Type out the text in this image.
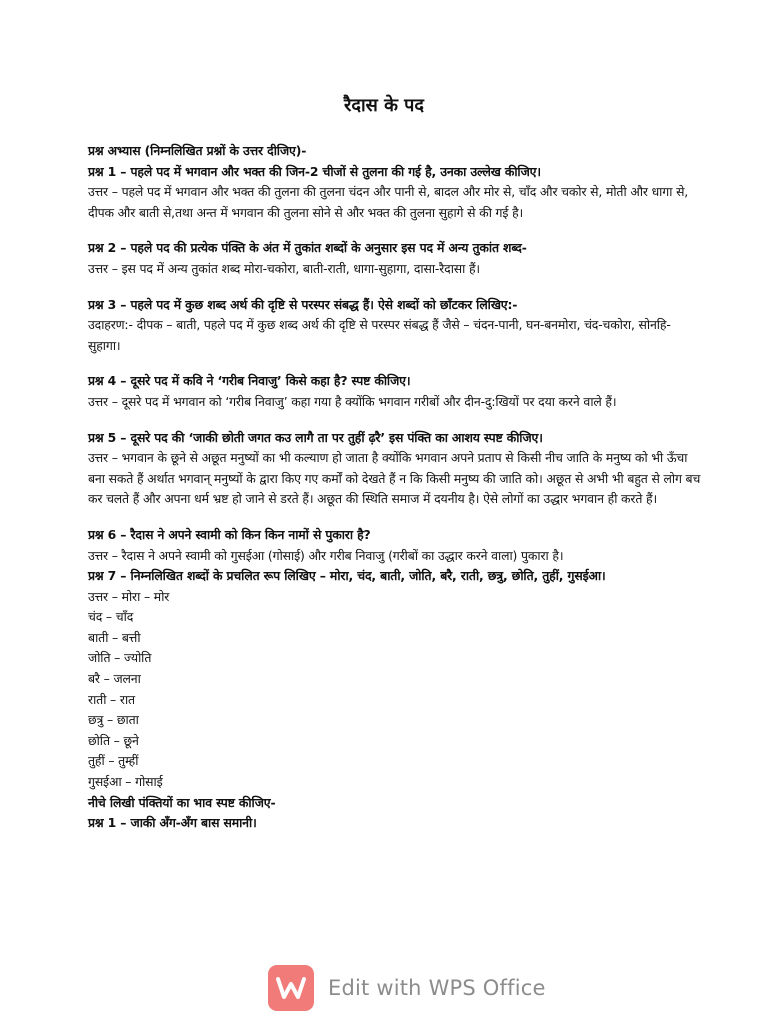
रैदास के पद

प्रश्न अभ्यास (निम्नलिखित प्रश्नों के उत्तर दीजिए)-

प्रश्न 1 – पहले पद में भगवान और भक्त की जिन-2 चीजों से तुलना की गई है, उनका उल्लेख कीजिए।

उत्तर – पहले पद में भगवान और भक्त की तुलना की तुलना चंदन और पानी से, बादल और मोर से, चाँद और चकोर से, मोती और धागा से, दीपक और बाती से,तथा अन्त में भगवान की तुलना सोने से और भक्त की तुलना सुहागे से की गई है।

प्रश्न 2 – पहले पद की प्रत्येक पंक्ति के अंत में तुकांत शब्दों के अनुसार इस पद में अन्य तुकांत शब्द-

उत्तर – इस पद में अन्य तुकांत शब्द मोरा-चकोरा, बाती-राती, धागा-सुहागा, दासा-रैदासा हैं।

प्रश्न 3 – पहले पद में कुछ शब्द अर्थ की दृष्टि से परस्पर संबद्ध हैं। ऐसे शब्दों को छाँटकर लिखिए:-

उदाहरण:- दीपक – बाती, पहले पद में कुछ शब्द अर्थ की दृष्टि से परस्पर संबद्ध हैं जैसे – चंदन-पानी, घन-बनमोरा, चंद-चकोरा, सोनहि-सुहागा।

प्रश्न 4 – दूसरे पद में कवि ने ‘गरीब निवाजु’ किसे कहा है? स्पष्ट कीजिए।

उत्तर – दूसरे पद में भगवान को ‘गरीब निवाजु’ कहा गया है क्योंकि भगवान गरीबों और दीन-दु:खियों पर दया करने वाले हैं।

प्रश्न 5 – दूसरे पद की ‘जाकी छोती जगत कउ लागै ता पर तुहीं ढ़रै’ इस पंक्ति का आशय स्पष्ट कीजिए।

उत्तर – भगवान के छूने से अछूत मनुष्यों का भी कल्याण हो जाता है क्योंकि भगवान अपने प्रताप से किसी नीच जाति के मनुष्य को भी ऊँचा बना सकते हैं अर्थात भगवान् मनुष्यों के द्वारा किए गए कर्मों को देखते हैं न कि किसी मनुष्य की जाति को। अछूत से अभी भी बहुत से लोग बच कर चलते हैं और अपना धर्म भ्रष्ट हो जाने से डरते हैं। अछूत की स्थिति समाज में दयनीय है। ऐसे लोगों का उद्धार भगवान ही करते हैं।

प्रश्न 6 – रैदास ने अपने स्वामी को किन किन नामों से पुकारा है?

उत्तर – रैदास ने अपने स्वामी को गुसईआ (गोसाई) और गरीब निवाजु (गरीबों का उद्धार करने वाला) पुकारा है।

प्रश्न 7 – निम्नलिखित शब्दों के प्रचलित रूप लिखिए – मोरा, चंद, बाती, जोति, बरै, राती, छत्रु, छोति, तुहीं, गुसईआ।

उत्तर – मोरा – मोर

चंद – चाँद

बाती – बत्ती

जोति – ज्योति

बरै – जलना

राती – रात

छत्रु – छाता

छोति – छूने

तुहीं – तुम्हीं

गुसईआ – गोसाई

नीचे लिखी पंक्तियों का भाव स्पष्ट कीजिए-

प्रश्न 1 – जाकी अँग-अँग बास समानी।

Edit with WPS Office
